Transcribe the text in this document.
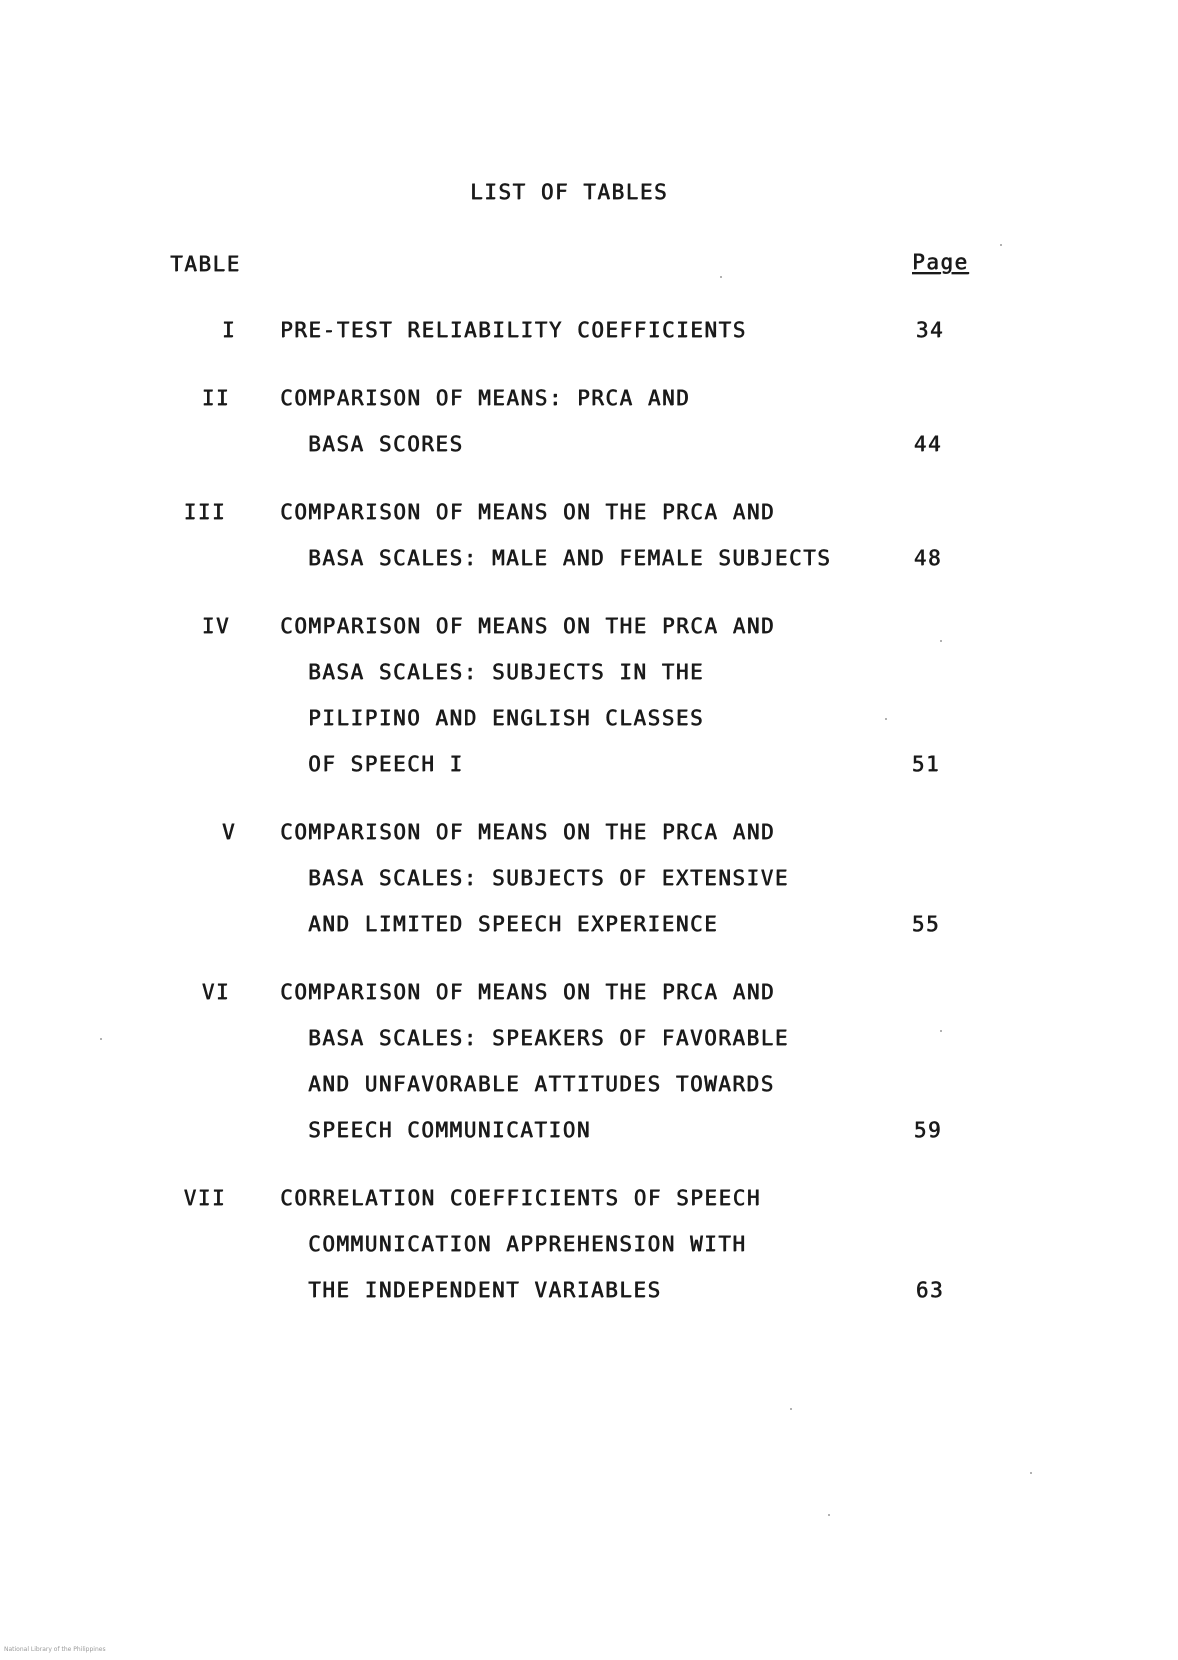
LIST OF TABLES
TABLE	Page
I PRE-TEST RELIABILITY COEFFICIENTS	34
II COMPARISON OF MEANS: PRCA AND
BASA SCORES	44
III	COMPARISON OF MEANS ON THE PRCA AND
BASA SCALES: MALE AND FEMALE SUBJECTS	48
IV COMPARISON OF MEANS ON THE PRCA AND
BASA SCALES: SUBJECTS IN THE
PILIPINO AND ENGLISH CLASSES
OF SPEECH I	51
V COMPARISON OF MEANS ON THE PRCA AND
BASA SCALES: SUBJECTS OF EXTENSIVE
AND LIMITED SPEECH EXPERIENCE	55
VI COMPARISON OF MEANS ON THE PRCA AND
BASA SCALES: SPEAKERS OF FAVORABLE
AND UNFAVORABLE ATTITUDES TOWARDS
SPEECH COMMUNICATION	59
VII	CORRELATION COEFFICIENTS OF SPEECH
COMMUNICATION APPREHENSION WITH
THE INDEPENDENT VARIABLES	63
National Library of the Philippines
